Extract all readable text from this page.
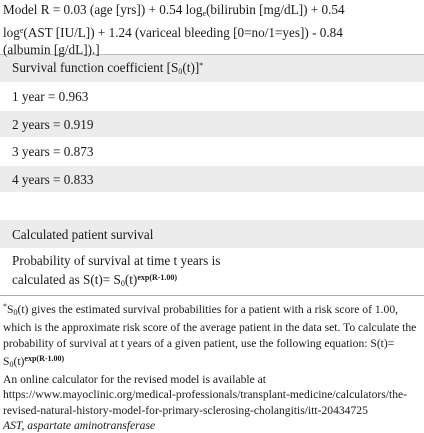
Model R = 0.03 (age [yrs]) + 0.54 $\log_e(bilirubin$ [mg/dL]) + 0.54
$\log^e(AST$ [IU/L]) + 1.24 (variceal bleeding [0=no/1=yes]) - 0.84
(albumin [g/dL]).]
Survival function coefficient $[S_0(t)]^*$
1 year = 0.963
2 years = 0.919
3 years = 0.873
4 years = 0.833

Calculated patient survival
Probability of survival at time t years is
calculated as $S(t)= S_0(t)^{exp(R-1.00)}$

$^*S_0(t)$ gives the estimated survival probabilities for a patient with a risk score of 1.00, which is the approximate risk score of the average patient in the data set. To calculate the probability of survival at t years of a given patient, use the following equation: $S(t)= S_0(t)^{exp(R-1.00)}$

An online calculator for the revised model is available at https://www.mayoclinic.org/medical-professionals/transplant-medicine/calculators/the-revised-natural-history-model-for-primary-sclerosing-cholangitis/itt-20434725

AST, aspartate aminotransferase
